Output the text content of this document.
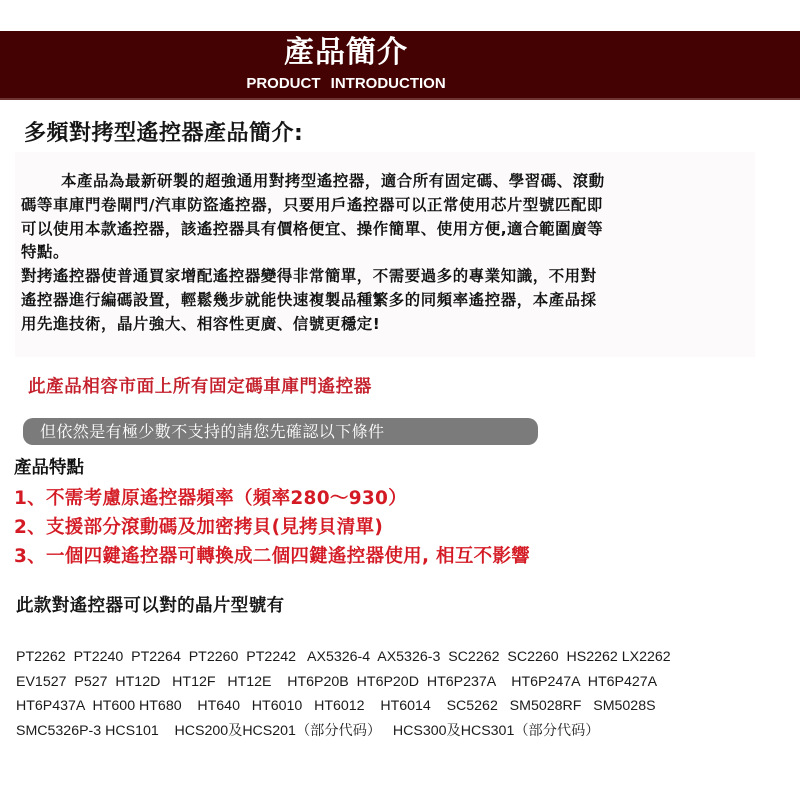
產品簡介
PRODUCT INTRODUCTION
多頻對拷型遙控器產品簡介:

本產品為最新研製的超強通用對拷型遙控器，適合所有固定碼、學習碼、滾動

碼等車庫門卷閘門/汽車防盜遙控器，只要用戶遙控器可以正常使用芯片型號匹配即

可以使用本款遙控器，該遙控器具有價格便宜、操作簡單、使用方便,適合範圍廣等

特點。

對拷遙控器使普通買家增配遙控器變得非常簡單，不需要過多的專業知識，不用對

遙控器進行編碼設置，輕鬆幾步就能快速複製品種繁多的同頻率遙控器，本產品採

用先進技術，晶片強大、相容性更廣、信號更穩定!

此產品相容市面上所有固定碼車庫門遙控器
但依然是有極少數不支持的請您先確認以下條件
產品特點
1、不需考慮原遙控器頻率（頻率280～930）
2、支援部分滾動碼及加密拷貝(見拷貝清單)
3、一個四鍵遙控器可轉換成二個四鍵遙控器使用, 相互不影響
此款對遙控器可以對的晶片型號有
PT2262  PT2240  PT2264  PT2260  PT2242   AX5326-4  AX5326-3  SC2262  SC2260  HS2262 LX2262
EV1527  P527  HT12D   HT12F   HT12E    HT6P20B  HT6P20D  HT6P237A    HT6P247A  HT6P427A
HT6P437A  HT600 HT680    HT640   HT6010   HT6012    HT6014    SC5262   SM5028RF   SM5028S
SMC5326P-3 HCS101    HCS200及HCS201（部分代码）   HCS300及HCS301（部分代码）
